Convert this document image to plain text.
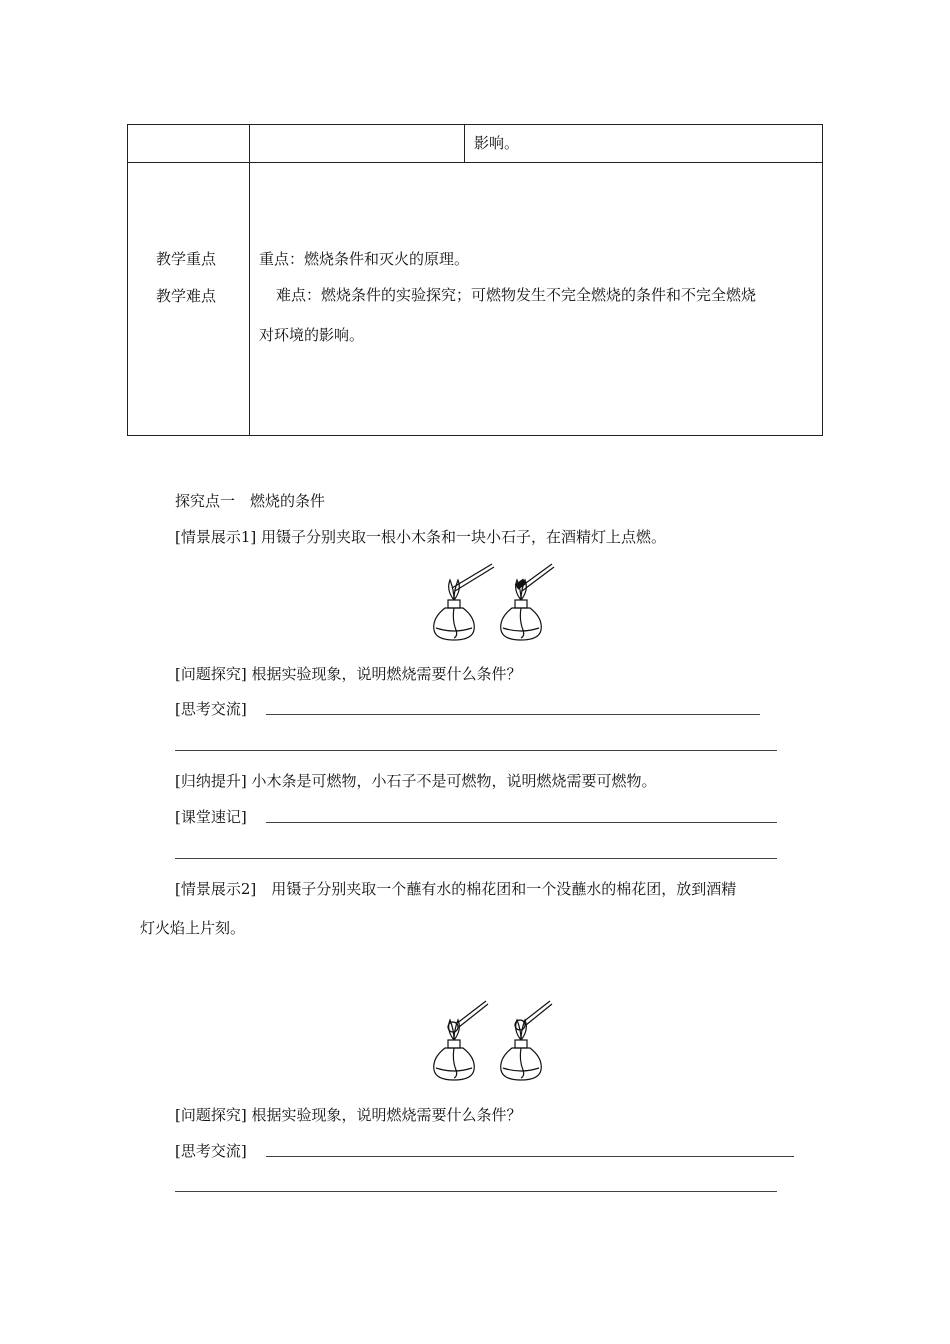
影响。
教学重点
教学难点
重点：燃烧条件和灭火的原理。
难点：燃烧条件的实验探究；可燃物发生不完全燃烧的条件和不完全燃烧
对环境的影响。
探究点一　燃烧的条件
[情景展示1] 用镊子分别夹取一根小木条和一块小石子，在酒精灯上点燃。
[问题探究] 根据实验现象，说明燃烧需要什么条件？
[思考交流]
[归纳提升] 小木条是可燃物，小石子不是可燃物，说明燃烧需要可燃物。
[课堂速记]
[情景展示2]　用镊子分别夹取一个蘸有水的棉花团和一个没蘸水的棉花团，放到酒精
灯火焰上片刻。
[问题探究] 根据实验现象，说明燃烧需要什么条件？
[思考交流]
